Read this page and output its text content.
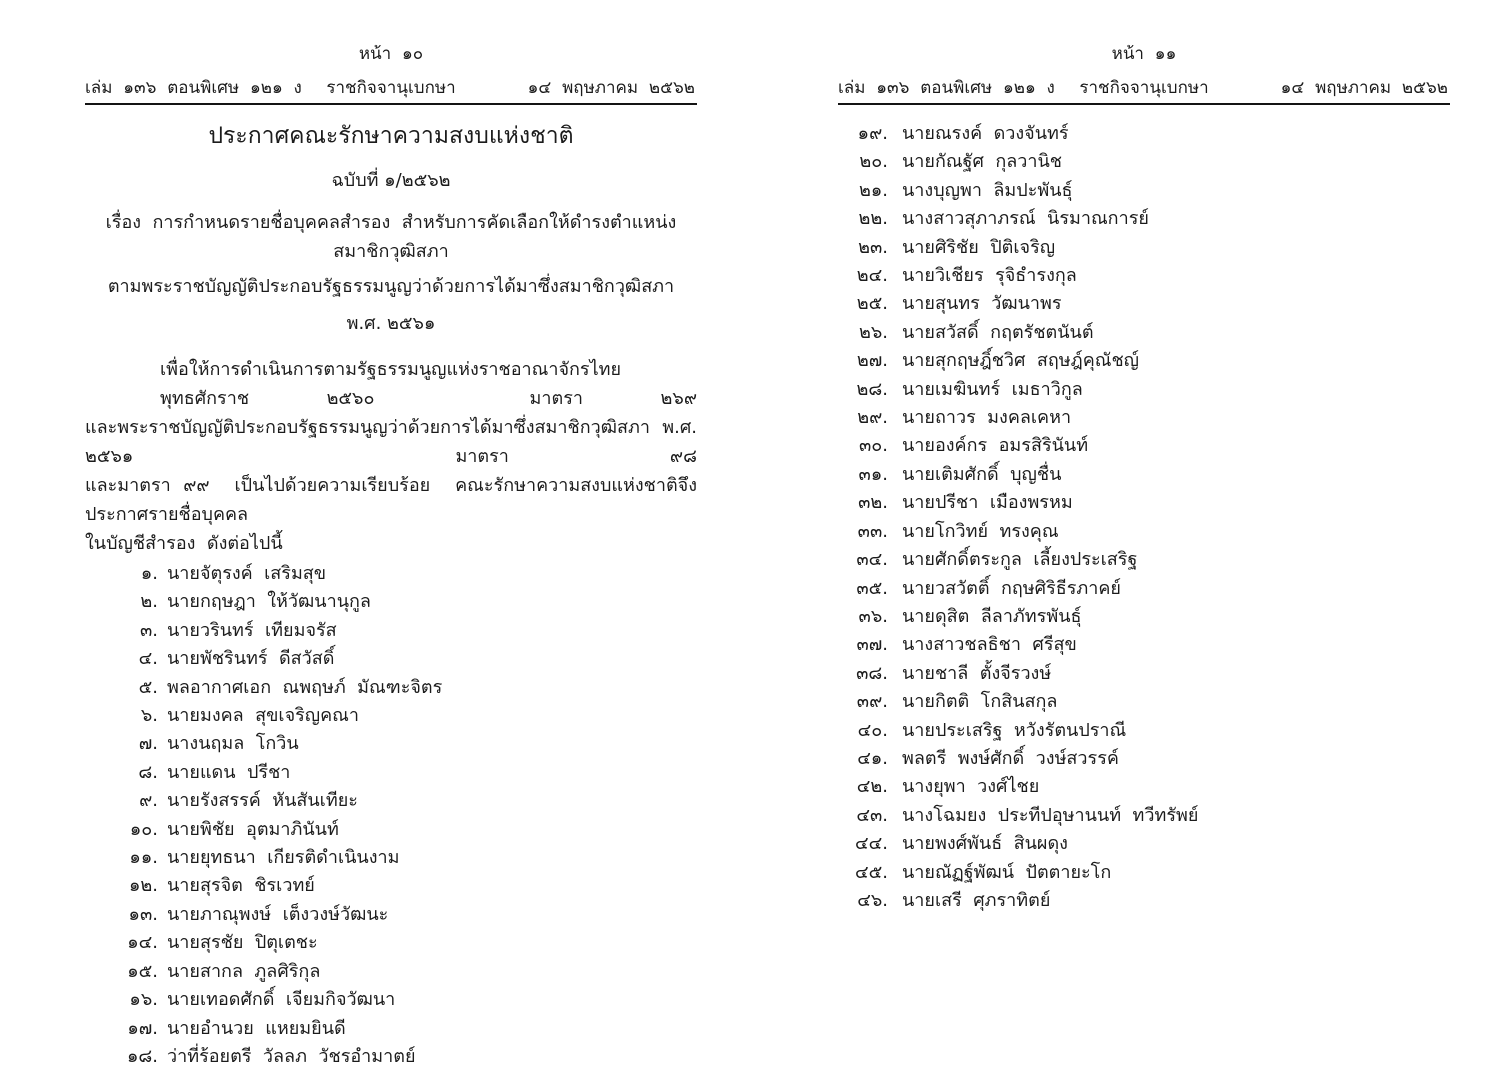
หน้า  ๑๐

เล่ม  ๑๓๖  ตอนพิเศษ  ๑๒๑  ง

ราชกิจจานุเบกษา

	๑๔  พฤษภาคม  ๒๕๖๒

ประกาศคณะรักษาความสงบแห่งชาติ
ฉบับที่ ๑/๒๕๖๒
เรื่อง  การกำหนดรายชื่อบุคคลสำรอง  สำหรับการคัดเลือกให้ดำรงตำแหน่งสมาชิกวุฒิสภา
ตามพระราชบัญญัติประกอบรัฐธรรมนูญว่าด้วยการได้มาซึ่งสมาชิกวุฒิสภา
พ.ศ. ๒๕๖๑
เพื่อให้การดำเนินการตามรัฐธรรมนูญแห่งราชอาณาจักรไทย  พุทธศักราช ๒๕๖๐  มาตรา ๒๖๙
และพระราชบัญญัติประกอบรัฐธรรมนูญว่าด้วยการได้มาซึ่งสมาชิกวุฒิสภา  พ.ศ. ๒๕๖๑  มาตรา ๙๘
และมาตรา ๙๙  เป็นไปด้วยความเรียบร้อย  คณะรักษาความสงบแห่งชาติจึงประกาศรายชื่อบุคคล
ในบัญชีสำรอง  ดังต่อไปนี้
๑. นายจัตุรงค์  เสริมสุข
๒. นายกฤษฎา  ให้วัฒนานุกูล
๓. นายวรินทร์  เทียมจรัส
๔. นายพัชรินทร์  ดีสวัสดิ์
๕. พลอากาศเอก  ณพฤษภ์  มัณฑะจิตร
๖. นายมงคล  สุขเจริญคณา
๗. นางนฤมล  โกวิน
๘. นายแดน  ปรีชา
๙. นายรังสรรค์  หันสันเทียะ
๑๐. นายพิชัย  อุตมาภินันท์
๑๑. นายยุทธนา  เกียรติดำเนินงาม
๑๒. นายสุรจิต  ชิรเวทย์
๑๓. นายภาณุพงษ์  เต็งวงษ์วัฒนะ
๑๔. นายสุรชัย  ปิตุเตชะ
๑๕. นายสากล  ภูลศิริกุล
๑๖. นายเทอดศักดิ์  เจียมกิจวัฒนา
๑๗. นายอำนวย  แหยมยินดี
๑๘. ว่าที่ร้อยตรี  วัลลภ  วัชรอำมาตย์
หน้า  ๑๑

เล่ม  ๑๓๖  ตอนพิเศษ  ๑๒๑  ง

ราชกิจจานุเบกษา

	๑๔  พฤษภาคม  ๒๕๖๒

๑๙. นายณรงค์  ดวงจันทร์
๒๐. นายกัณฐัศ  กุลวานิช
๒๑. นางบุญพา  ลิมปะพันธุ์
๒๒. นางสาวสุภาภรณ์  นิรมาณการย์
๒๓. นายศิริชัย  ปิติเจริญ
๒๔. นายวิเชียร  รุจิธำรงกุล
๒๕. นายสุนทร  วัฒนาพร
๒๖. นายสวัสดิ์  กฤตรัชตนันต์
๒๗. นายสุกฤษฎิ์ชวิศ  สฤษฎ์คุณัชญ์
๒๘. นายเมฆินทร์  เมธาวิกูล
๒๙. นายถาวร  มงคลเคหา
๓๐. นายองค์กร  อมรสิรินันท์
๓๑. นายเติมศักดิ์  บุญชื่น
๓๒. นายปรีชา  เมืองพรหม
๓๓. นายโกวิทย์  ทรงคุณ
๓๔. นายศักดิ์ตระกูล  เลี้ยงประเสริฐ
๓๕. นายวสวัตติ์  กฤษศิริธีรภาคย์
๓๖. นายดุสิต  ลีลาภัทรพันธุ์
๓๗. นางสาวชลธิชา  ศรีสุข
๓๘. นายชาลี  ตั้งจีรวงษ์
๓๙. นายกิตติ  โกสินสกุล
๔๐. นายประเสริฐ  หวังรัตนปราณี
๔๑. พลตรี  พงษ์ศักดิ์  วงษ์สวรรค์
๔๒. นางยุพา  วงศ์ไชย
๔๓. นางโฉมยง  ประทีปอุษานนท์  ทวีทรัพย์
๔๔. นายพงศ์พันธ์  สินผดุง
๔๕. นายณัฏฐ์พัฒน์  ปัตตายะโก
๔๖. นายเสรี  ศุภราทิตย์
